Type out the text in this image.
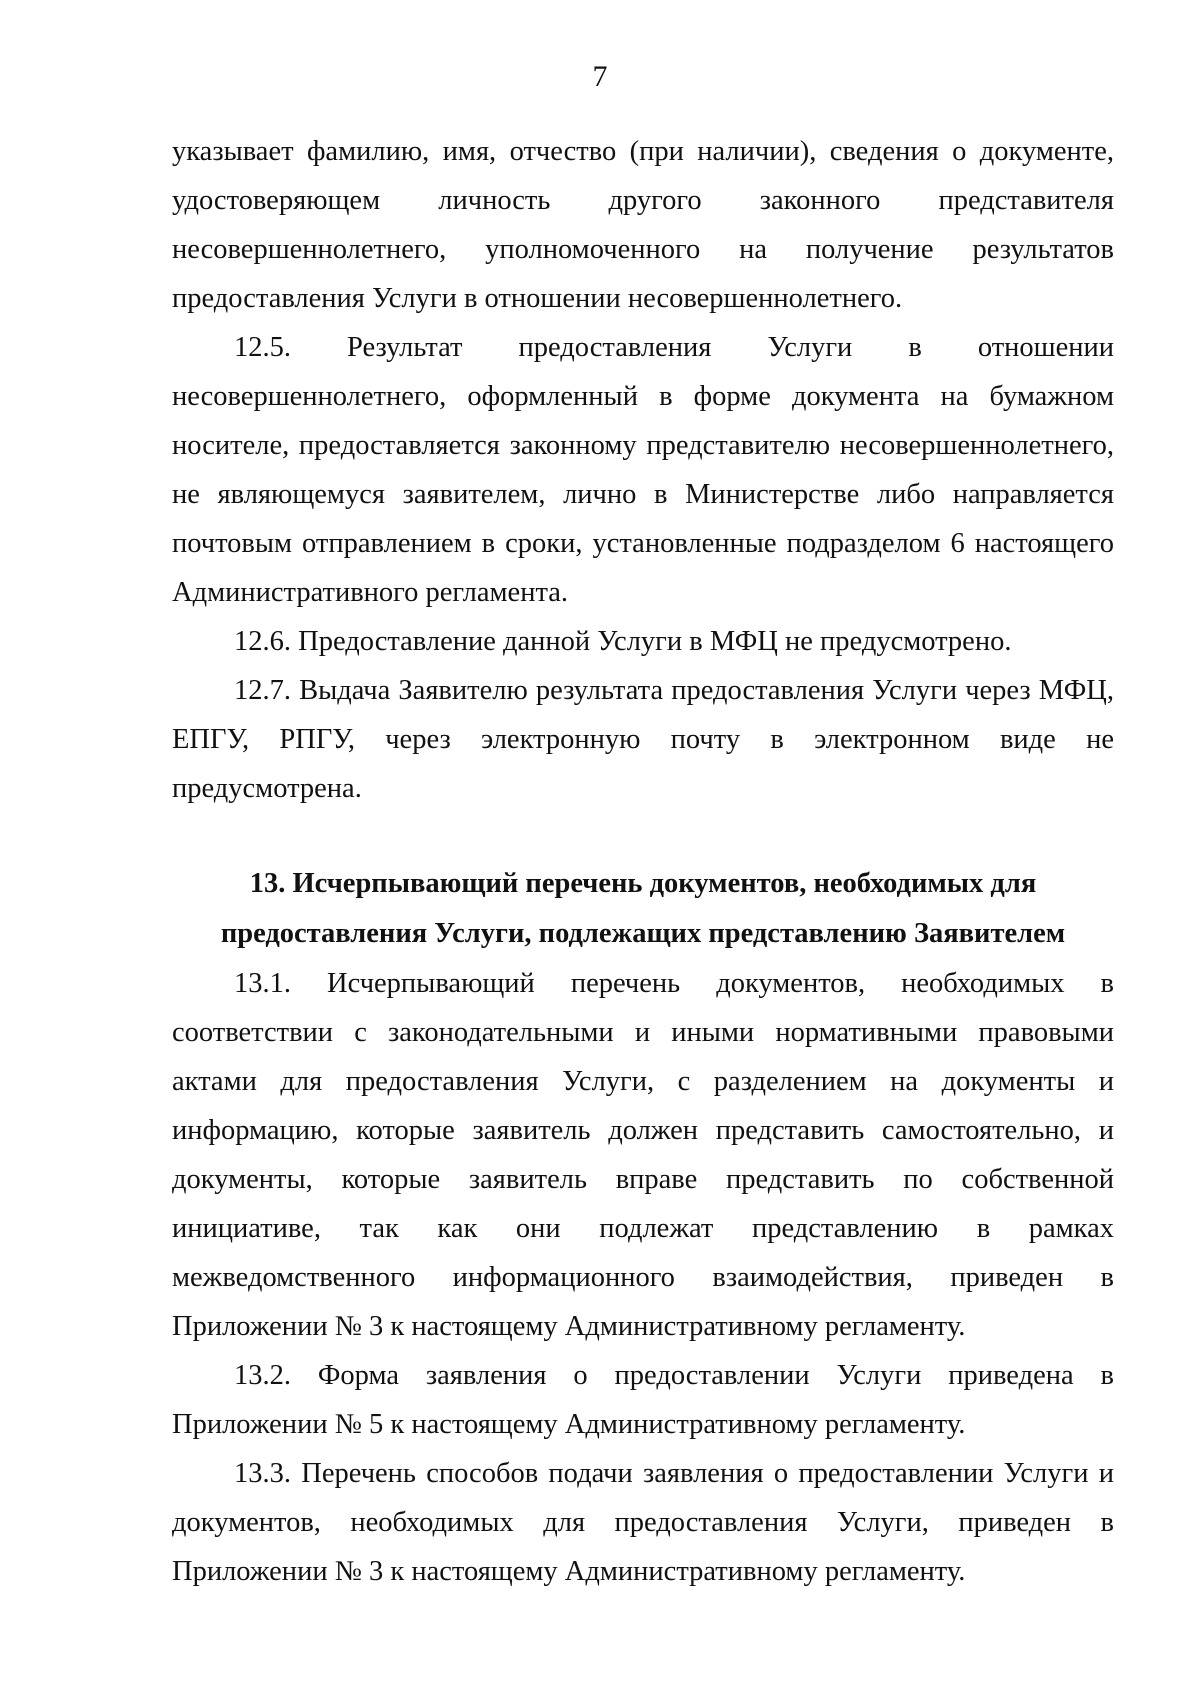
7

указывает фамилию, имя, отчество (при наличии), сведения о документе, удостоверяющем личность другого законного представителя несовершеннолетнего, уполномоченного на получение результатов предоставления Услуги в отношении несовершеннолетнего.

12.5. Результат предоставления Услуги в отношении несовершеннолетнего, оформленный в форме документа на бумажном носителе, предоставляется законному представителю несовершеннолетнего, не являющемуся заявителем, лично в Министерстве либо направляется почтовым отправлением в сроки, установленные подразделом 6 настоящего Административного регламента.

12.6. Предоставление данной Услуги в МФЦ не предусмотрено.

12.7. Выдача Заявителю результата предоставления Услуги через МФЦ, ЕПГУ, РПГУ, через электронную почту в электронном виде не предусмотрена.

13. Исчерпывающий перечень документов, необходимых для
предоставления Услуги, подлежащих представлению Заявителем

13.1. Исчерпывающий перечень документов, необходимых в соответствии с законодательными и иными нормативными правовыми актами для предоставления Услуги, с разделением на документы и информацию, которые заявитель должен представить самостоятельно, и документы, которые заявитель вправе представить по собственной инициативе, так как они подлежат представлению в рамках межведомственного информационного взаимодействия, приведен в Приложении № 3 к настоящему Административному регламенту.

13.2. Форма заявления о предоставлении Услуги приведена в Приложении № 5 к настоящему Административному регламенту.

13.3. Перечень способов подачи заявления о предоставлении Услуги и документов, необходимых для предоставления Услуги, приведен в Приложении № 3 к настоящему Административному регламенту.
